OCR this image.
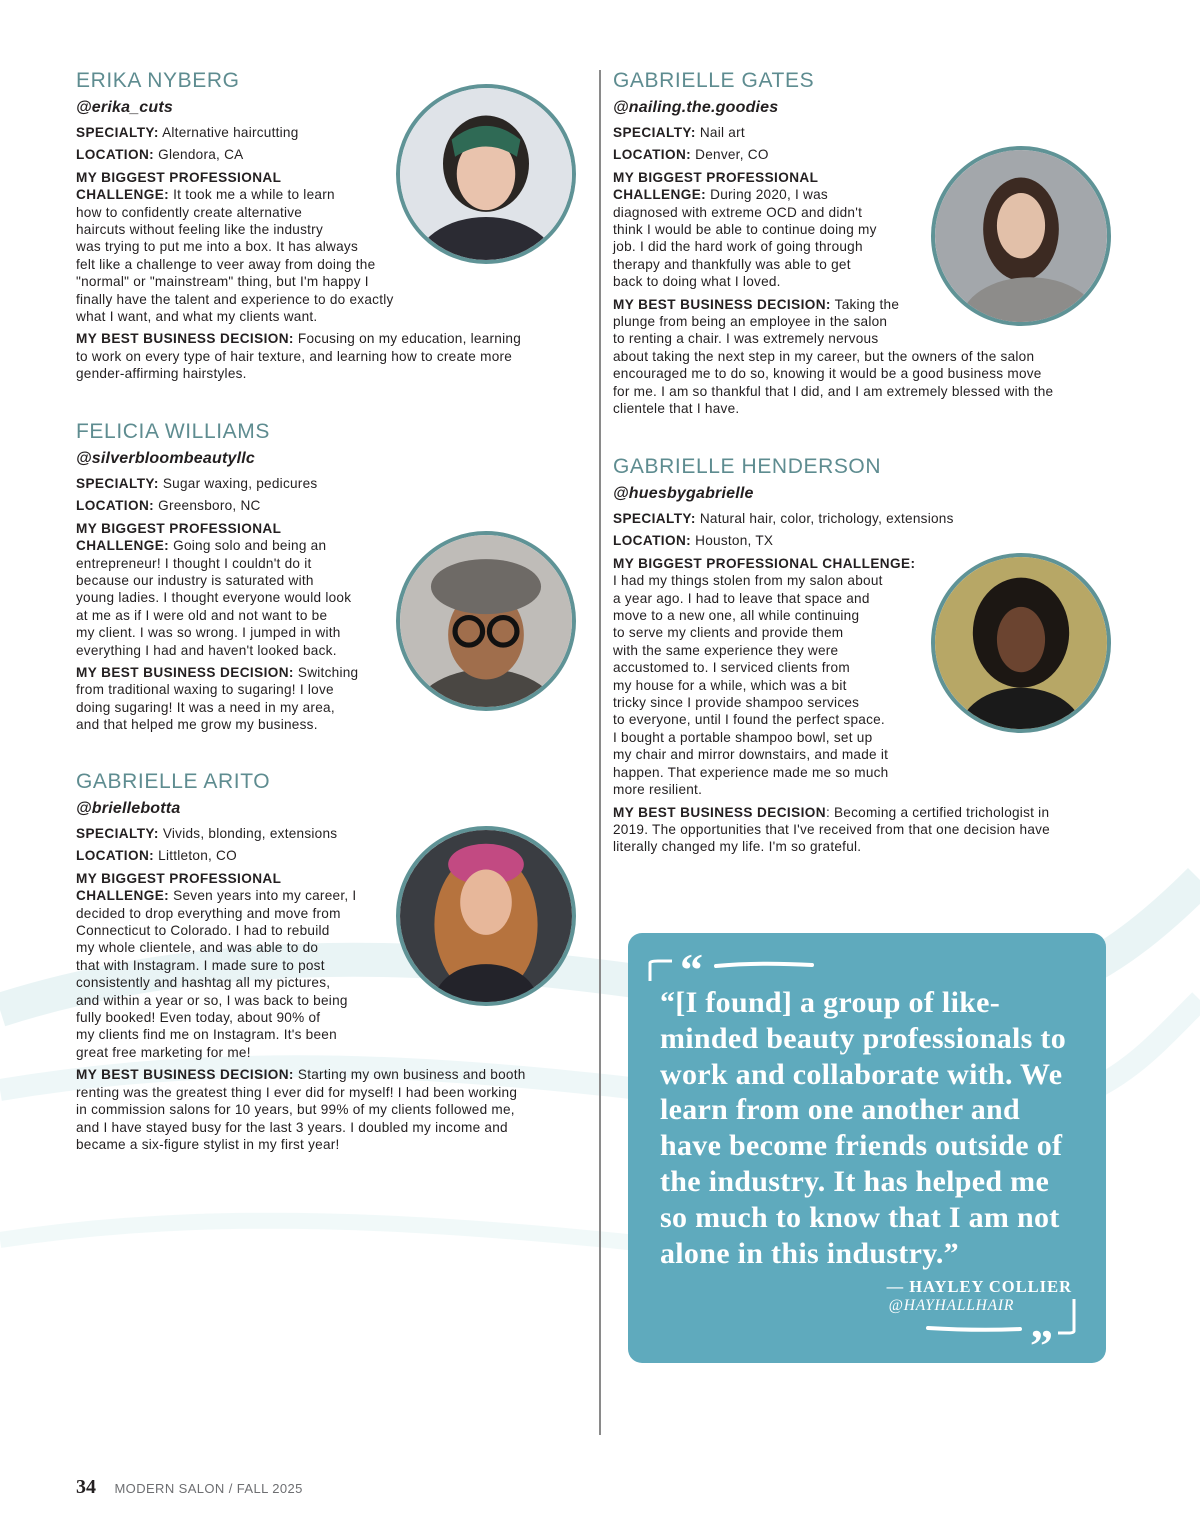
ERIKA NYBERG
@erika_cuts
SPECIALTY: Alternative haircutting
LOCATION: Glendora, CA
MY BIGGEST PROFESSIONAL
CHALLENGE: It took me a while to learn
how to confidently create alternative
haircuts without feeling like the industry
was trying to put me into a box. It has always
felt like a challenge to veer away from doing the
"normal" or "mainstream" thing, but I'm happy I
finally have the talent and experience to do exactly
what I want, and what my clients want.
MY BEST BUSINESS DECISION: Focusing on my education, learning
to work on every type of hair texture, and learning how to create more
gender-affirming hairstyles.
FELICIA WILLIAMS
@silverbloombeautyllc
SPECIALTY: Sugar waxing, pedicures
LOCATION: Greensboro, NC
MY BIGGEST PROFESSIONAL
CHALLENGE: Going solo and being an
entrepreneur! I thought I couldn't do it
because our industry is saturated with
young ladies. I thought everyone would look
at me as if I were old and not want to be
my client. I was so wrong. I jumped in with
everything I had and haven't looked back.
MY BEST BUSINESS DECISION: Switching
from traditional waxing to sugaring! I love
doing sugaring! It was a need in my area,
and that helped me grow my business.
GABRIELLE ARITO
@briellebotta
SPECIALTY: Vivids, blonding, extensions
LOCATION: Littleton, CO
MY BIGGEST PROFESSIONAL
CHALLENGE: Seven years into my career, I
decided to drop everything and move from
Connecticut to Colorado. I had to rebuild
my whole clientele, and was able to do
that with Instagram. I made sure to post
consistently and hashtag all my pictures,
and within a year or so, I was back to being
fully booked! Even today, about 90% of
my clients find me on Instagram. It's been
great free marketing for me!
MY BEST BUSINESS DECISION: Starting my own business and booth
renting was the greatest thing I ever did for myself! I had been working
in commission salons for 10 years, but 99% of my clients followed me,
and I have stayed busy for the last 3 years. I doubled my income and
became a six-figure stylist in my first year!
GABRIELLE GATES
@nailing.the.goodies
SPECIALTY: Nail art
LOCATION: Denver, CO
MY BIGGEST PROFESSIONAL
CHALLENGE: During 2020, I was
diagnosed with extreme OCD and didn't
think I would be able to continue doing my
job. I did the hard work of going through
therapy and thankfully was able to get
back to doing what I loved.
MY BEST BUSINESS DECISION: Taking the
plunge from being an employee in the salon
to renting a chair. I was extremely nervous
about taking the next step in my career, but the owners of the salon
encouraged me to do so, knowing it would be a good business move
for me. I am so thankful that I did, and I am extremely blessed with the
clientele that I have.
GABRIELLE HENDERSON
@huesbygabrielle
SPECIALTY: Natural hair, color, trichology, extensions
LOCATION: Houston, TX
MY BIGGEST PROFESSIONAL CHALLENGE:
I had my things stolen from my salon about
a year ago. I had to leave that space and
move to a new one, all while continuing
to serve my clients and provide them
with the same experience they were
accustomed to. I serviced clients from
my house for a while, which was a bit
tricky since I provide shampoo services
to everyone, until I found the perfect space.
I bought a portable shampoo bowl, set up
my chair and mirror downstairs, and made it
happen. That experience made me so much
more resilient.
MY BEST BUSINESS DECISION: Becoming a certified trichologist in
2019. The opportunities that I've received from that one decision have
literally changed my life. I'm so grateful.
“
”

“[I found] a group of like-
minded beauty professionals to
work and collaborate with. We
learn from one another and
have become friends outside of
the industry. It has helped me
so much to know that I am not
alone in this industry.”

— HAYLEY COLLIER
@HAYHALLHAIR
34 MODERN SALON / FALL 2025
